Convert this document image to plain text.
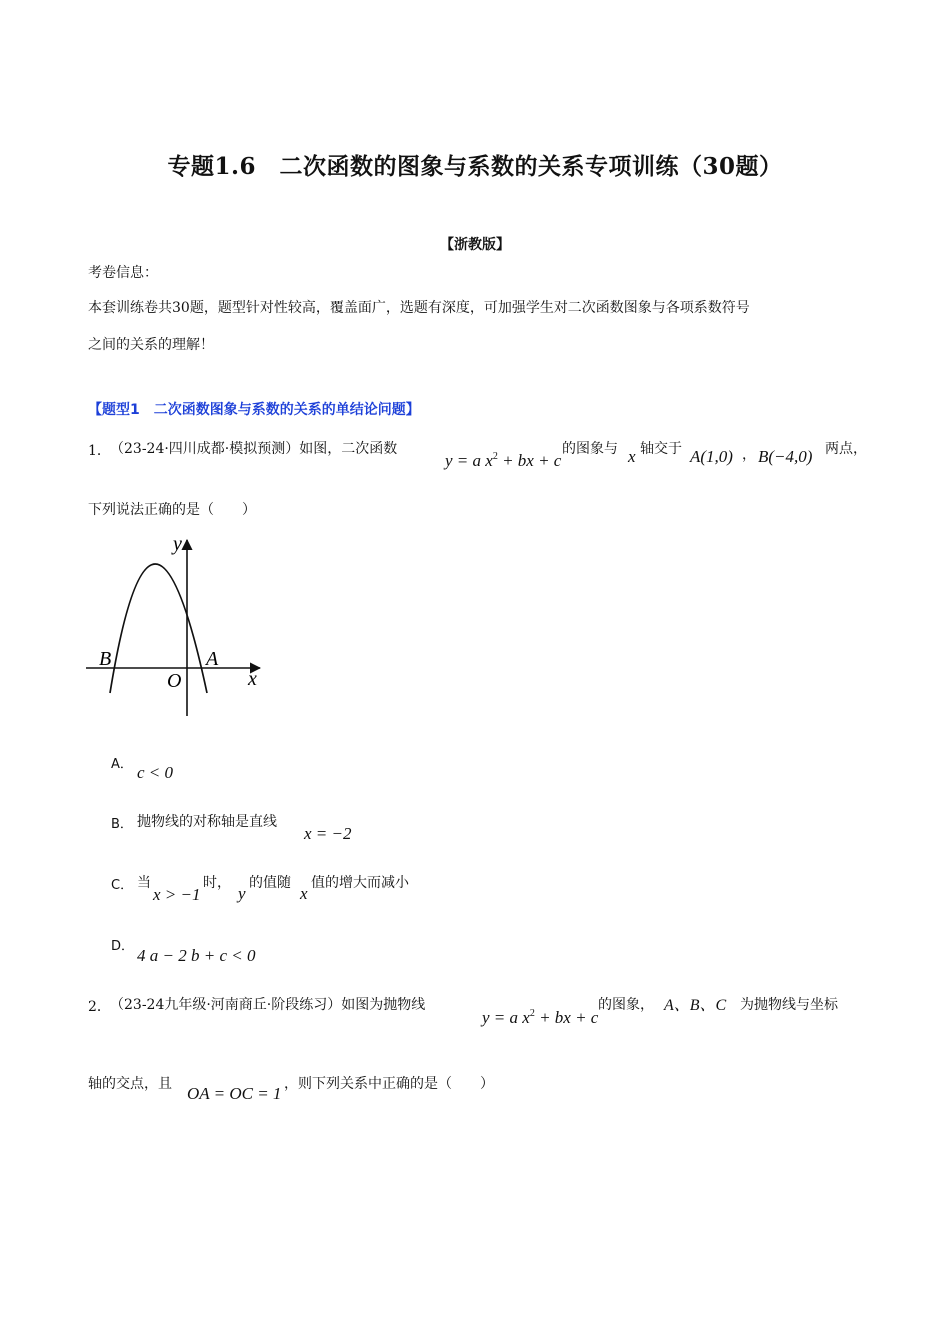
专题1.6　二次函数的图象与系数的关系专项训练（30题）
【浙教版】
考卷信息：
本套训练卷共30题，题型针对性较高，覆盖面广，选题有深度，可加强学生对二次函数图象与各项系数符号
之间的关系的理解！
【题型1　二次函数图象与系数的关系的单结论问题】
1． （23-24·四川成都·模拟预测）如图，二次函数
y = a $x^2$ + bx + c
的图象与 x 轴交于 A(1,0) ， B(−4,0) 两点，
下列说法正确的是（　　）
y
x
O
A
B
A． c < 0
B． 抛物线的对称轴是直线
x = −2
C． 当
x > −1
时，
y
的值随
x
值的增大而减小
D． 4 a − 2 b + c < 0
2． （23-24九年级·河南商丘·阶段练习）如图为抛物线
y = a $x^2$ + bx + c
的图象， A、B、C 为抛物线与坐标
轴的交点，且 OA = OC = 1 ，则下列关系中正确的是（　　）
